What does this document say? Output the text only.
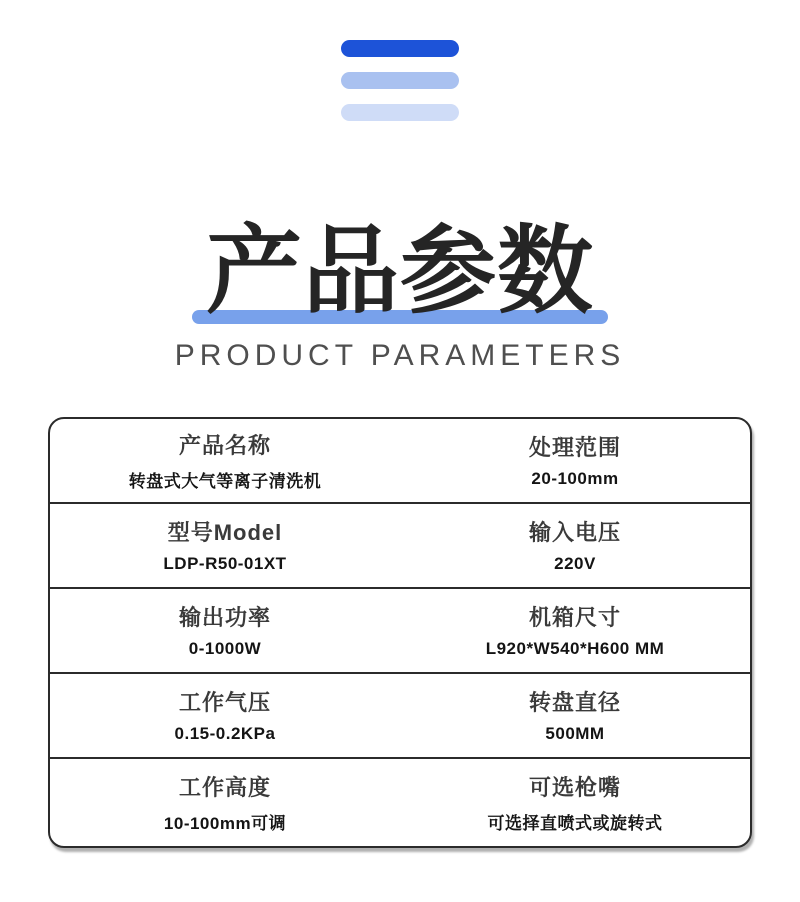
产品参数
PRODUCT PARAMETERS
产品名称
转盘式大气等离子清洗机
处理范围
20-100mm
型号Model
LDP-R50-01XT
输入电压
220V
输出功率
0-1000W
机箱尺寸
L920*W540*H600 MM
工作气压
0.15-0.2KPa
转盘直径
500MM
工作高度
10-100mm可调
可选枪嘴
可选择直喷式或旋转式
